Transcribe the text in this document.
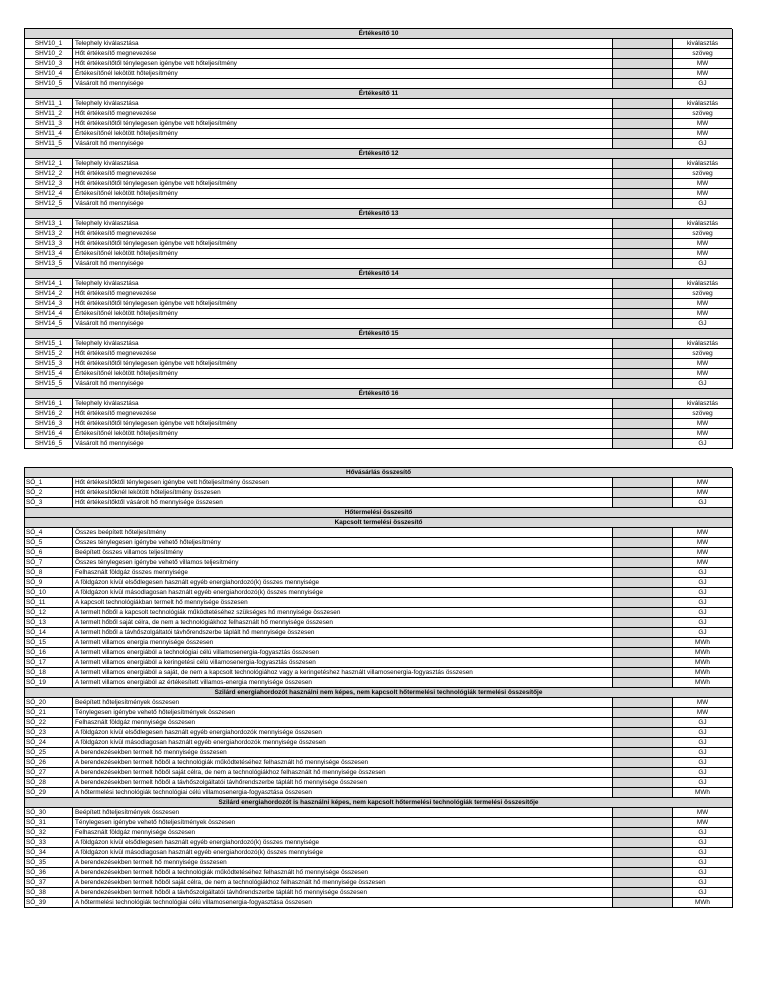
Értékesítő 10
SHV10_1	Telephely kiválasztása	kiválasztás
SHV10_2	Hőt értékesítő megnevezése	szöveg
SHV10_3	Hőt értékesítőtől ténylegesen igénybe vett hőteljesítmény	MW
SHV10_4	Értékesítőnél lekötött hőteljesítmény	MW
SHV10_5	Vásárolt hő mennyisége	GJ
Értékesítő 11
SHV11_1	Telephely kiválasztása	kiválasztás
SHV11_2	Hőt értékesítő megnevezése	szöveg
SHV11_3	Hőt értékesítőtől ténylegesen igénybe vett hőteljesítmény	MW
SHV11_4	Értékesítőnél lekötött hőteljesítmény	MW
SHV11_5	Vásárolt hő mennyisége	GJ
Értékesítő 12
SHV12_1	Telephely kiválasztása	kiválasztás
SHV12_2	Hőt értékesítő megnevezése	szöveg
SHV12_3	Hőt értékesítőtől ténylegesen igénybe vett hőteljesítmény	MW
SHV12_4	Értékesítőnél lekötött hőteljesítmény	MW
SHV12_5	Vásárolt hő mennyisége	GJ
Értékesítő 13
SHV13_1	Telephely kiválasztása	kiválasztás
SHV13_2	Hőt értékesítő megnevezése	szöveg
SHV13_3	Hőt értékesítőtől ténylegesen igénybe vett hőteljesítmény	MW
SHV13_4	Értékesítőnél lekötött hőteljesítmény	MW
SHV13_5	Vásárolt hő mennyisége	GJ
Értékesítő 14
SHV14_1	Telephely kiválasztása	kiválasztás
SHV14_2	Hőt értékesítő megnevezése	szöveg
SHV14_3	Hőt értékesítőtől ténylegesen igénybe vett hőteljesítmény	MW
SHV14_4	Értékesítőnél lekötött hőteljesítmény	MW
SHV14_5	Vásárolt hő mennyisége	GJ
Értékesítő 15
SHV15_1	Telephely kiválasztása	kiválasztás
SHV15_2	Hőt értékesítő megnevezése	szöveg
SHV15_3	Hőt értékesítőtől ténylegesen igénybe vett hőteljesítmény	MW
SHV15_4	Értékesítőnél lekötött hőteljesítmény	MW
SHV15_5	Vásárolt hő mennyisége	GJ
Értékesítő 16
SHV16_1	Telephely kiválasztása	kiválasztás
SHV16_2	Hőt értékesítő megnevezése	szöveg
SHV16_3	Hőt értékesítőtől ténylegesen igénybe vett hőteljesítmény	MW
SHV16_4	Értékesítőnél lekötött hőteljesítmény	MW
SHV16_5	Vásárolt hő mennyisége	GJ
Hővásárlás összesítő
SÖ_1	Hőt értékesítőktől ténylegesen igénybe vett hőteljesítmény összesen	MW
SÖ_2	Hőt értékesítőknél lekötött hőteljesítmény összesen	MW
SÖ_3	Hőt értékesítőktől vásárolt hő mennyisége összesen	GJ
Hőtermelési összesítő
Kapcsolt termelési összesítő
SÖ_4	Összes beépített hőteljesítmény	MW
SÖ_5	Összes ténylegesen igénybe vehető hőteljesítmény	MW
SÖ_6	Beépített összes villamos teljesítmény	MW
SÖ_7	Összes ténylegesen igénybe vehető villamos teljesítmény	MW
SÖ_8	Felhasznált földgáz összes mennyisége	GJ
SÖ_9	A földgázon kívül elsődlegesen használt egyéb energiahordozó(k) összes mennyisége	GJ
SÖ_10	A földgázon kívül másodlagosan használt egyéb energiahordozó(k) összes mennyisége	GJ
SÖ_11	A kapcsolt technológiákban termelt hő mennyisége összesen	GJ
SÖ_12	A termelt hőből a kapcsolt technológiák működtetéséhez szükséges hő mennyisége összesen	GJ
SÖ_13	A termelt hőből saját célra, de nem a technológiákhoz felhasznált hő mennyisége összesen	GJ
SÖ_14	A termelt hőből a távhőszolgáltatói távhőrendszerbe táplált hő mennyisége összesen	GJ
SÖ_15	A termelt villamos energia mennyisége összesen	MWh
SÖ_16	A termelt villamos energiából a technológiai célú villamosenergia-fogyasztás összesen	MWh
SÖ_17	A termelt villamos energiából a keringetési célú villamosenergia-fogyasztás összesen	MWh
SÖ_18	A termelt villamos energiából a saját, de nem a kapcsolt technológiához vagy a keringetéshez használt villamosenergia-fogyasztás összesen	MWh
SÖ_19	A termelt villamos energiából az értékesített villamos-energia mennyisége összesen	MWh
Szilárd energiahordozót használni nem képes, nem kapcsolt hőtermelési technológiák termelési összesítője
SÖ_20	Beépített hőteljesítmények összesen	MW
SÖ_21	Ténylegesen igénybe vehető hőteljesítmények összesen	MW
SÖ_22	Felhasznált földgáz mennyisége összesen	GJ
SÖ_23	A földgázon kívül elsődlegesen használt egyéb energiahordozók mennyisége összesen	GJ
SÖ_24	A földgázon kívül másodlagosan használt egyéb energiahordozók mennyisége összesen	GJ
SÖ_25	A berendezésekben termelt hő mennyisége összesen	GJ
SÖ_26	A berendezésekben termelt hőből a technológiák működtetéséhez felhasznált hő mennyisége összesen	GJ
SÖ_27	A berendezésekben termelt hőből saját célra, de nem a technológiákhoz felhasznált hő mennyisége összesen	GJ
SÖ_28	A berendezésekben termelt hőből a távhőszolgáltatói távhőrendszerbe táplált hő mennyisége összesen	GJ
SÖ_29	A hőtermelési technológiák technológiai célú villamosenergia-fogyasztása összesen	MWh
Szilárd energiahordozót is használni képes, nem kapcsolt hőtermelési technológiák termelési összesítője
SÖ_30	Beépített hőteljesítmények összesen	MW
SÖ_31	Ténylegesen igénybe vehető hőteljesítmények összesen	MW
SÖ_32	Felhasznált földgáz mennyisége összesen	GJ
SÖ_33	A földgázon kívül elsődlegesen használt egyéb energiahordozó(k) összes mennyisége	GJ
SÖ_34	A földgázon kívül másodlagosan használt egyéb energiahordozó(k) összes mennyisége	GJ
SÖ_35	A berendezésekben termelt hő mennyisége összesen	GJ
SÖ_36	A berendezésekben termelt hőből a technológiák működtetéséhez felhasznált hő mennyisége összesen	GJ
SÖ_37	A berendezésekben termelt hőből saját célra, de nem a technológiákhoz felhasznált hő mennyisége összesen	GJ
SÖ_38	A berendezésekben termelt hőből a távhőszolgáltatói távhőrendszerbe táplált hő mennyisége összesen	GJ
SÖ_39	A hőtermelési technológiák technológiai célú villamosenergia-fogyasztása összesen	MWh
